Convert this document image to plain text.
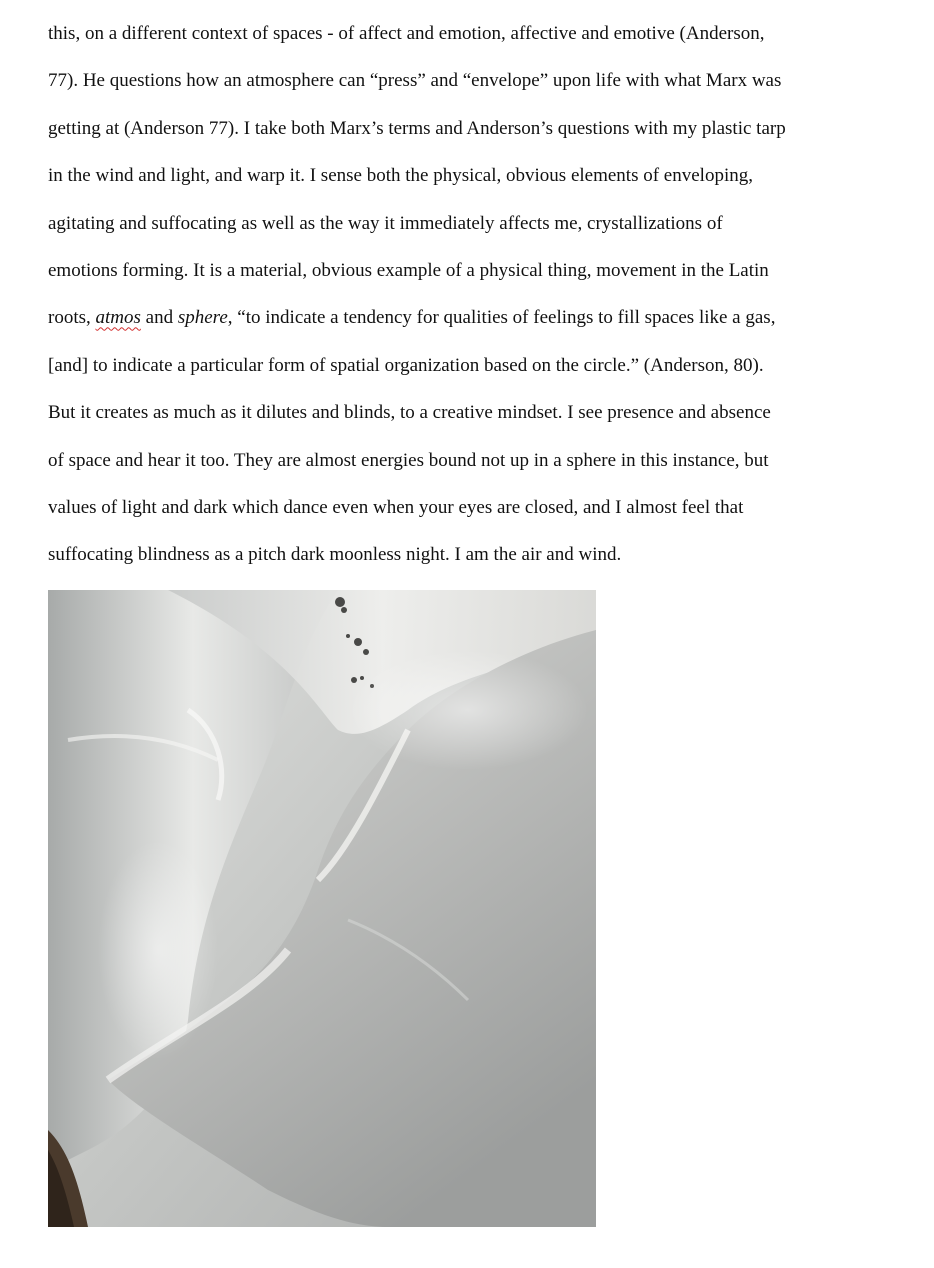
this, on a different context of spaces - of affect and emotion, affective and emotive (Anderson,
77). He questions how an atmosphere can “press” and “envelope” upon life with what Marx was
getting at (Anderson 77). I take both Marx’s terms and Anderson’s questions with my plastic tarp
in the wind and light, and warp it. I sense both the physical, obvious elements of enveloping,
agitating and suffocating as well as the way it immediately affects me, crystallizations of
emotions forming. It is a material, obvious example of a physical thing, movement in the Latin
roots, atmos and sphere, “to indicate a tendency for qualities of feelings to fill spaces like a gas,
[and] to indicate a particular form of spatial organization based on the circle.” (Anderson, 80).
But it creates as much as it dilutes and blinds, to a creative mindset. I see presence and absence
of space and hear it too. They are almost energies bound not up in a sphere in this instance, but
values of light and dark which dance even when your eyes are closed, and I almost feel that
suffocating blindness as a pitch dark moonless night. I am the air and wind.
